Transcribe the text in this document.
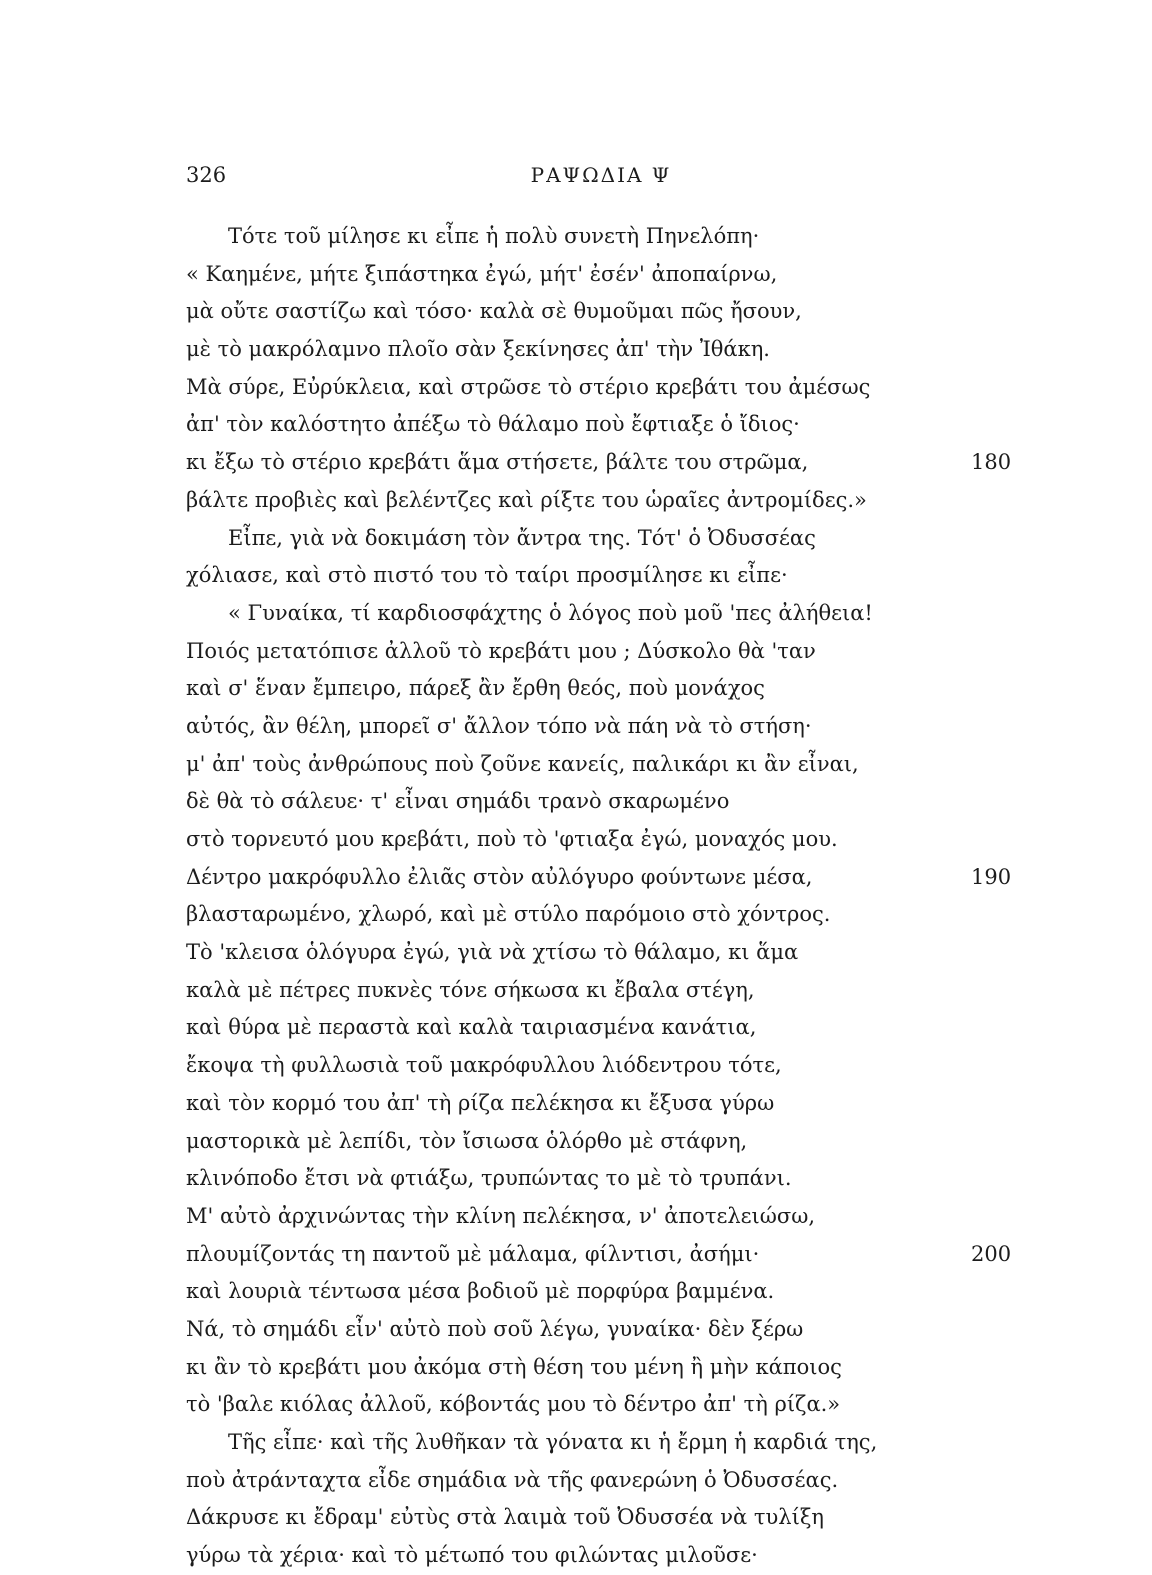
326	ΡΑΨΩΔΙΑ Ψ
Τότε τοῦ μίλησε κι εἶπε ἡ πολὺ συνετὴ Πηνελόπη·
« Καημένε, μήτε ξιπάστηκα ἐγώ, μήτ' ἐσέν' ἀποπαίρνω,
μὰ οὔτε σαστίζω καὶ τόσο· καλὰ σὲ θυμοῦμαι πῶς ἤσουν,
μὲ τὸ μακρόλαμνο πλοῖο σὰν ξεκίνησες ἀπ' τὴν Ἰθάκη.
Μὰ σύρε, Εὐρύκλεια, καὶ στρῶσε τὸ στέριο κρεβάτι του ἀμέσως
ἀπ' τὸν καλόστητο ἀπέξω τὸ θάλαμο ποὺ ἔφτιαξε ὁ ἴδιος·
κι ἔξω τὸ στέριο κρεβάτι ἅμα στήσετε, βάλτε του στρῶμα,	180
βάλτε προβιὲς καὶ βελέντζες καὶ ρίξτε του ὡραῖες ἀντρομίδες.»
Εἶπε, γιὰ νὰ δοκιμάση τὸν ἄντρα της. Τότ' ὁ Ὀδυσσέας
χόλιασε, καὶ στὸ πιστό του τὸ ταίρι προσμίλησε κι εἶπε·
« Γυναίκα, τί καρδιοσφάχτης ὁ λόγος ποὺ μοῦ 'πες ἀλήθεια!
Ποιός μετατόπισε ἀλλοῦ τὸ κρεβάτι μου ; Δύσκολο θὰ 'ταν
καὶ σ' ἕναν ἔμπειρο, πάρεξ ἂν ἔρθη θεός, ποὺ μονάχος
αὐτός, ἂν θέλη, μπορεῖ σ' ἄλλον τόπο νὰ πάη νὰ τὸ στήση·
μ' ἀπ' τοὺς ἀνθρώπους ποὺ ζοῦνε κανείς, παλικάρι κι ἂν εἶναι,
δὲ θὰ τὸ σάλευε· τ' εἶναι σημάδι τρανὸ σκαρωμένο
στὸ τορνευτό μου κρεβάτι, ποὺ τὸ 'φτιαξα ἐγώ, μοναχός μου.
Δέντρο μακρόφυλλο ἐλιᾶς στὸν αὐλόγυρο φούντωνε μέσα,	190
βλασταρωμένο, χλωρό, καὶ μὲ στύλο παρόμοιο στὸ χόντρος.
Τὸ 'κλεισα ὁλόγυρα ἐγώ, γιὰ νὰ χτίσω τὸ θάλαμο, κι ἅμα
καλὰ μὲ πέτρες πυκνὲς τόνε σήκωσα κι ἔβαλα στέγη,
καὶ θύρα μὲ περαστὰ καὶ καλὰ ταιριασμένα κανάτια,
ἔκοψα τὴ φυλλωσιὰ τοῦ μακρόφυλλου λιόδεντρου τότε,
καὶ τὸν κορμό του ἀπ' τὴ ρίζα πελέκησα κι ἔξυσα γύρω
μαστορικὰ μὲ λεπίδι, τὸν ἴσιωσα ὁλόρθο μὲ στάφνη,
κλινόποδο ἔτσι νὰ φτιάξω, τρυπώντας το μὲ τὸ τρυπάνι.
Μ' αὐτὸ ἀρχινώντας τὴν κλίνη πελέκησα, ν' ἀποτελειώσω,
πλουμίζοντάς τη παντοῦ μὲ μάλαμα, φίλντισι, ἀσήμι·	200
καὶ λουριὰ τέντωσα μέσα βοδιοῦ μὲ πορφύρα βαμμένα.
Νά, τὸ σημάδι εἶν' αὐτὸ ποὺ σοῦ λέγω, γυναίκα· δὲν ξέρω
κι ἂν τὸ κρεβάτι μου ἀκόμα στὴ θέση του μένη ἢ μὴν κάποιος
τὸ 'βαλε κιόλας ἀλλοῦ, κόβοντάς μου τὸ δέντρο ἀπ' τὴ ρίζα.»
Τῆς εἶπε· καὶ τῆς λυθῆκαν τὰ γόνατα κι ἡ ἔρμη ἡ καρδιά της,
ποὺ ἀτράνταχτα εἶδε σημάδια νὰ τῆς φανερώνη ὁ Ὀδυσσέας.
Δάκρυσε κι ἔδραμ' εὐτὺς στὰ λαιμὰ τοῦ Ὀδυσσέα νὰ τυλίξη
γύρω τὰ χέρια· καὶ τὸ μέτωπό του φιλώντας μιλοῦσε·
